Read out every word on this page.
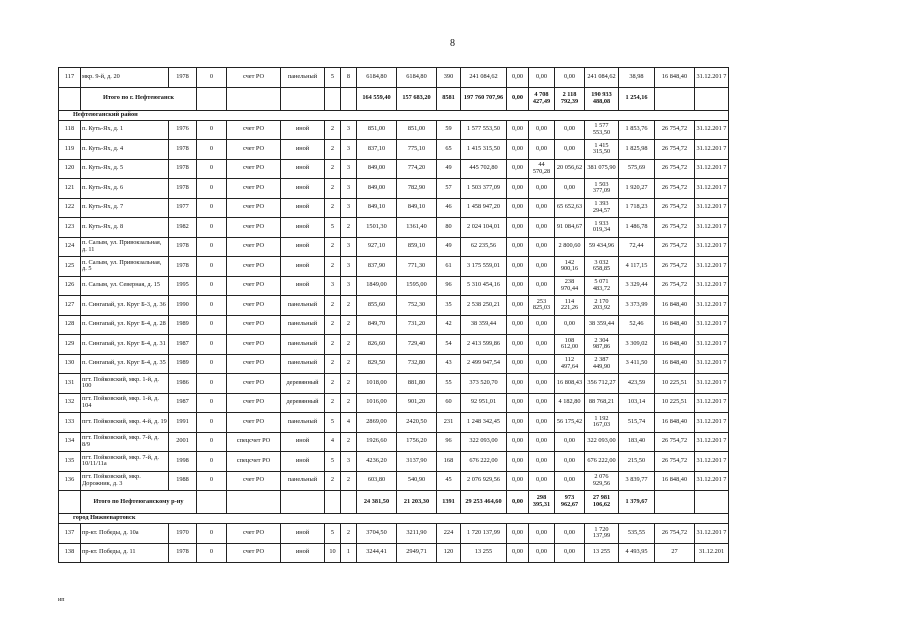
8
117	мкр. 9-й, д. 20	1978	0	счет РО	панельный	5	8	6184,80	6184,80	390	241 084,62	0,00	0,00	0,00	241 084,62	38,98	16 848,40	31.12.201 7
	Итого по г. Нефтеюганск							164 559,40	157 683,20	8581	197 760 707,96	0,00	4 708 427,49	2 118 792,39	190 933 488,08	1 254,16		
Нефтеюганский район																		
118	п. Куть-Ях, д. 1	1976	0	счет РО	иной	2	3	851,00	851,00	59	1 577 553,50	0,00	0,00	0,00	1 577 553,50	1 853,76	26 754,72	31.12.201 7
119	п. Куть-Ях, д. 4	1978	0	счет РО	иной	2	3	837,10	775,10	65	1 415 315,50	0,00	0,00	0,00	1 415 315,50	1 825,98	26 754,72	31.12.201 7
120	п. Куть-Ях, д. 5	1978	0	счет РО	иной	2	3	849,00	774,20	49	445 702,80	0,00	44 570,28	20 056,62	381 075,90	575,69	26 754,72	31.12.201 7
121	п. Куть-Ях, д. 6	1978	0	счет РО	иной	2	3	849,00	782,90	57	1 503 377,09	0,00	0,00	0,00	1 503 377,09	1 920,27	26 754,72	31.12.201 7
122	п. Куть-Ях, д. 7	1977	0	счет РО	иной	2	3	849,10	849,10	46	1 458 947,20	0,00	0,00	65 652,63	1 393 294,57	1 718,23	26 754,72	31.12.201 7
123	п. Куть-Ях, д. 8	1982	0	счет РО	иной	5	2	1501,30	1361,40	80	2 024 104,01	0,00	0,00	91 084,67	1 933 019,34	1 486,78	26 754,72	31.12.201 7
124	п. Салым, ул. Привокзальная, д. 11	1978	0	счет РО	иной	2	3	927,10	859,10	49	62 235,56	0,00	0,00	2 800,60	59 434,96	72,44	26 754,72	31.12.201 7
125	п. Салым, ул. Привокзальная, д. 5	1978	0	счет РО	иной	2	3	837,90	771,30	61	3 175 559,01	0,00	0,00	142 900,16	3 032 658,85	4 117,15	26 754,72	31.12.201 7
126	п. Салым, ул. Северная, д. 15	1995	0	счет РО	иной	3	3	1849,00	1595,00	96	5 310 454,16	0,00	0,00	238 970,44	5 071 483,72	3 329,44	26 754,72	31.12.201 7
127	п. Сингапай, ул. Круг Б-3, д. 36	1990	0	счет РО	панельный	2	2	855,60	752,30	35	2 538 250,21	0,00	253 825,03	114 221,26	2 170 203,92	3 373,99	16 848,40	31.12.201 7
128	п. Сингапай, ул. Круг Б-4, д. 28	1989	0	счет РО	панельный	2	2	849,70	731,20	42	38 359,44	0,00	0,00	0,00	38 359,44	52,46	16 848,40	31.12.201 7
129	п. Сингапай, ул. Круг Б-4, д. 31	1987	0	счет РО	панельный	2	2	826,60	729,40	54	2 413 599,86	0,00	0,00	108 612,00	2 304 987,86	3 309,02	16 848,40	31.12.201 7
130	п. Сингапай, ул. Круг Б-4, д. 35	1989	0	счет РО	панельный	2	2	829,50	732,80	43	2 499 947,54	0,00	0,00	112 497,64	2 387 449,90	3 411,50	16 848,40	31.12.201 7
131	пгт. Пойковский, мкр. 1-й, д. 100	1986	0	счет РО	деревянный	2	2	1018,00	881,80	55	373 520,70	0,00	0,00	16 808,43	356 712,27	423,59	10 225,51	31.12.201 7
132	пгт. Пойковский, мкр. 1-й, д. 104	1987	0	счет РО	деревянный	2	2	1016,00	901,20	60	92 951,01	0,00	0,00	4 182,80	88 768,21	103,14	10 225,51	31.12.201 7
133	пгт. Пойковский, мкр. 4-й, д. 19	1991	0	счет РО	панельный	5	4	2869,00	2420,50	231	1 248 342,45	0,00	0,00	56 175,42	1 192 167,03	515,74	16 848,40	31.12.201 7
134	пгт. Пойковский, мкр. 7-й, д. 8/9	2001	0	спецсчет РО	иной	4	2	1926,60	1756,20	96	322 093,00	0,00	0,00	0,00	322 093,00	183,40	26 754,72	31.12.201 7
135	пгт. Пойковский, мкр. 7-й, д. 10/11/11а	1998	0	спецсчет РО	иной	5	3	4236,20	3137,90	168	676 222,00	0,00	0,00	0,00	676 222,00	215,50	26 754,72	31.12.201 7
136	пгт. Пойковский, мкр. Дорожник, д. 3	1988	0	счет РО	панельный	2	2	603,80	540,90	45	2 076 929,56	0,00	0,00	0,00	2 076 929,56	3 839,77	16 848,40	31.12.201 7
	Итого по Нефтеюганскому р-ну							24 381,50	21 203,30	1391	29 253 464,60	0,00	298 395,31	973 962,67	27 981 106,62	1 379,67		
город Нижневартовск																		
137	пр-кт. Победы, д. 10а	1970	0	счет РО	иной	5	2	3704,50	3211,90	224	1 720 137,99	0,00	0,00	0,00	1 720 137,99	535,55	26 754,72	31.12.201 7
138	пр-кт. Победы, д. 11	1978	0	счет РО	иной	10	1	3244,41	2949,71	120	13 255	0,00	0,00	0,00	13 255	4 493,95	27	31.12.201
ип
